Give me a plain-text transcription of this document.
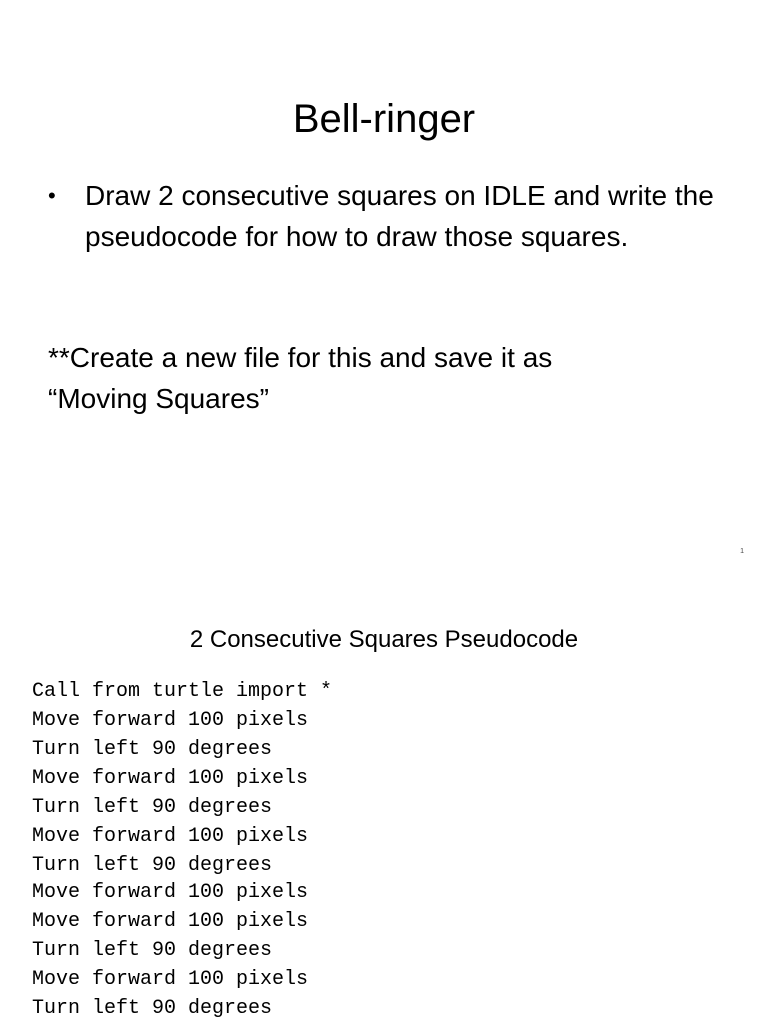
Bell-ringer
•	Draw 2 consecutive squares on IDLE and write the pseudocode for how to draw those squares.
**Create a new file for this and save it as
“Moving Squares”
1
2 Consecutive Squares Pseudocode
Call from turtle import *
Move forward 100 pixels
Turn left 90 degrees
Move forward 100 pixels
Turn left 90 degrees
Move forward 100 pixels
Turn left 90 degrees
Move forward 100 pixels
Move forward 100 pixels
Turn left 90 degrees
Move forward 100 pixels
Turn left 90 degrees
